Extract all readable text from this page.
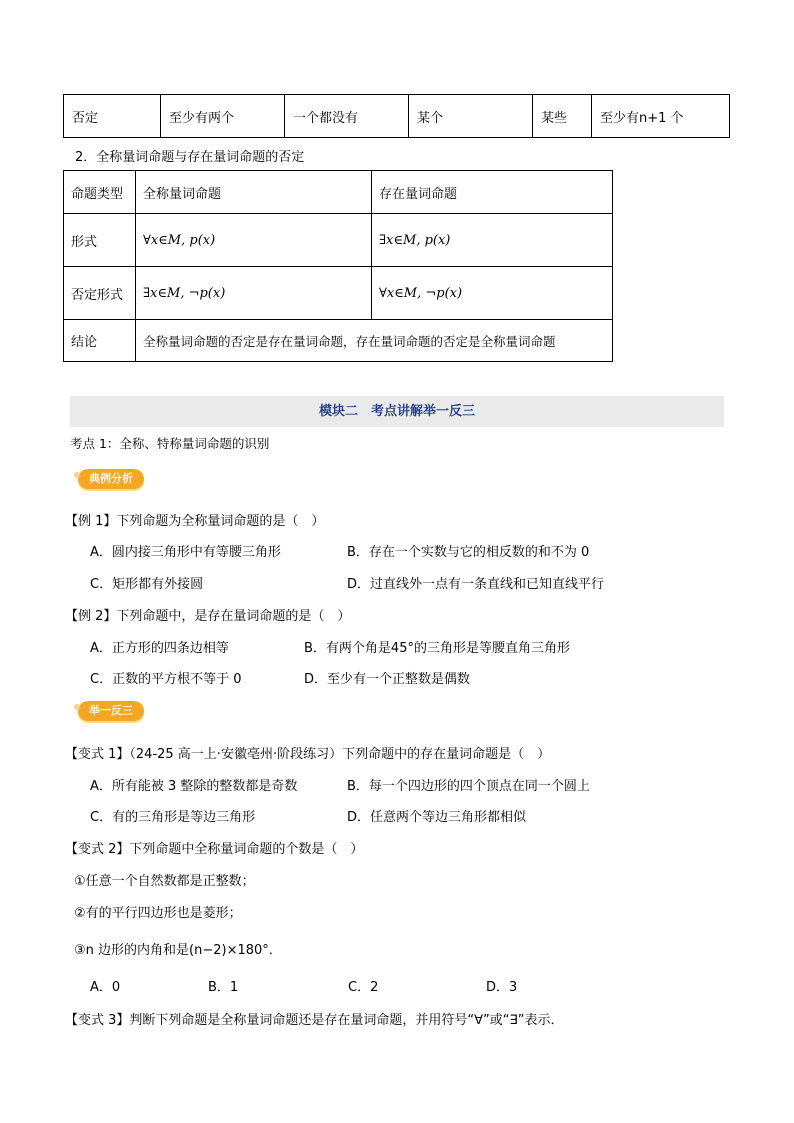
否定	至少有两个	一个都没有	某个	某些	至少有n+1 个
2．全称量词命题与存在量词命题的否定
命题类型	全称量词命题	存在量词命题
形式	∀x∈M, p(x)	∃x∈M, p(x)
否定形式	∃x∈M, ¬p(x)	∀x∈M, ¬p(x)
结论	全称量词命题的否定是存在量词命题，存在量词命题的否定是全称量词命题	
模块二　考点讲解举一反三
考点 1：全称、特称量词命题的识别
典例分析
【例 1】下列命题为全称量词命题的是（　）
A．圆内接三角形中有等腰三角形	B．存在一个实数与它的相反数的和不为 0
C．矩形都有外接圆	D．过直线外一点有一条直线和已知直线平行
【例 2】下列命题中，是存在量词命题的是（　）
A．正方形的四条边相等	B．有两个角是45°的三角形是等腰直角三角形
C．正数的平方根不等于 0	D．至少有一个正整数是偶数
举一反三
【变式 1】（24-25 高一上·安徽亳州·阶段练习）下列命题中的存在量词命题是（　）
A．所有能被 3 整除的整数都是奇数	B．每一个四边形的四个顶点在同一个圆上
C．有的三角形是等边三角形	D．任意两个等边三角形都相似
【变式 2】下列命题中全称量词命题的个数是（　）
①任意一个自然数都是正整数；
②有的平行四边形也是菱形；
③n 边形的内角和是(n−2)×180°．
A．0	B．1	C．2	D．3
【变式 3】判断下列命题是全称量词命题还是存在量词命题，并用符号“∀”或“∃”表示．
